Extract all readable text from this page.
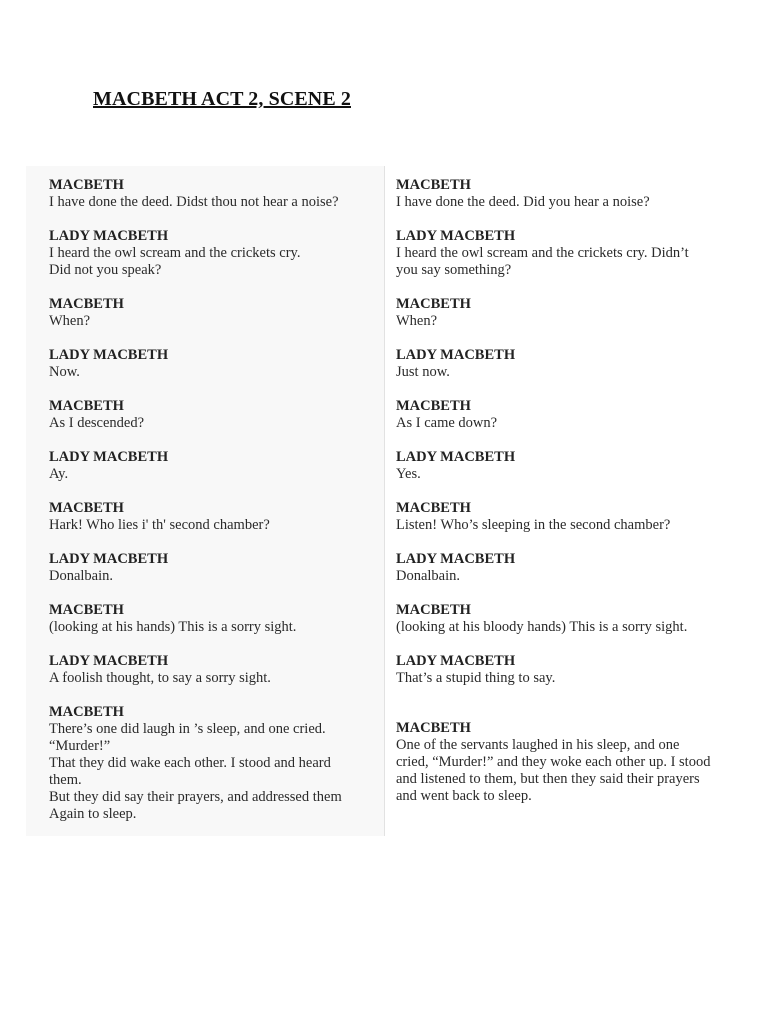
MACBETH ACT 2, SCENE 2
MACBETH
I have done the deed. Didst thou not hear a noise?
LADY MACBETH
I heard the owl scream and the crickets cry.
Did not you speak?
MACBETH
When?
LADY MACBETH
Now.
MACBETH
As I descended?
LADY MACBETH
Ay.
MACBETH
Hark! Who lies i' th' second chamber?
LADY MACBETH
Donalbain.
MACBETH
(looking at his hands) This is a sorry sight.
LADY MACBETH
A foolish thought, to say a sorry sight.
MACBETH
There’s one did laugh in ’s sleep, and one cried.
“Murder!”
That they did wake each other. I stood and heard
them.
But they did say their prayers, and addressed them
Again to sleep.
MACBETH
I have done the deed. Did you hear a noise?
LADY MACBETH
I heard the owl scream and the crickets cry. Didn’t
you say something?
MACBETH
When?
LADY MACBETH
Just now.
MACBETH
As I came down?
LADY MACBETH
Yes.
MACBETH
Listen! Who’s sleeping in the second chamber?
LADY MACBETH
Donalbain.
MACBETH
(looking at his bloody hands) This is a sorry sight.
LADY MACBETH
That’s a stupid thing to say.
MACBETH
One of the servants laughed in his sleep, and one
cried, “Murder!” and they woke each other up. I stood
and listened to them, but then they said their prayers
and went back to sleep.
